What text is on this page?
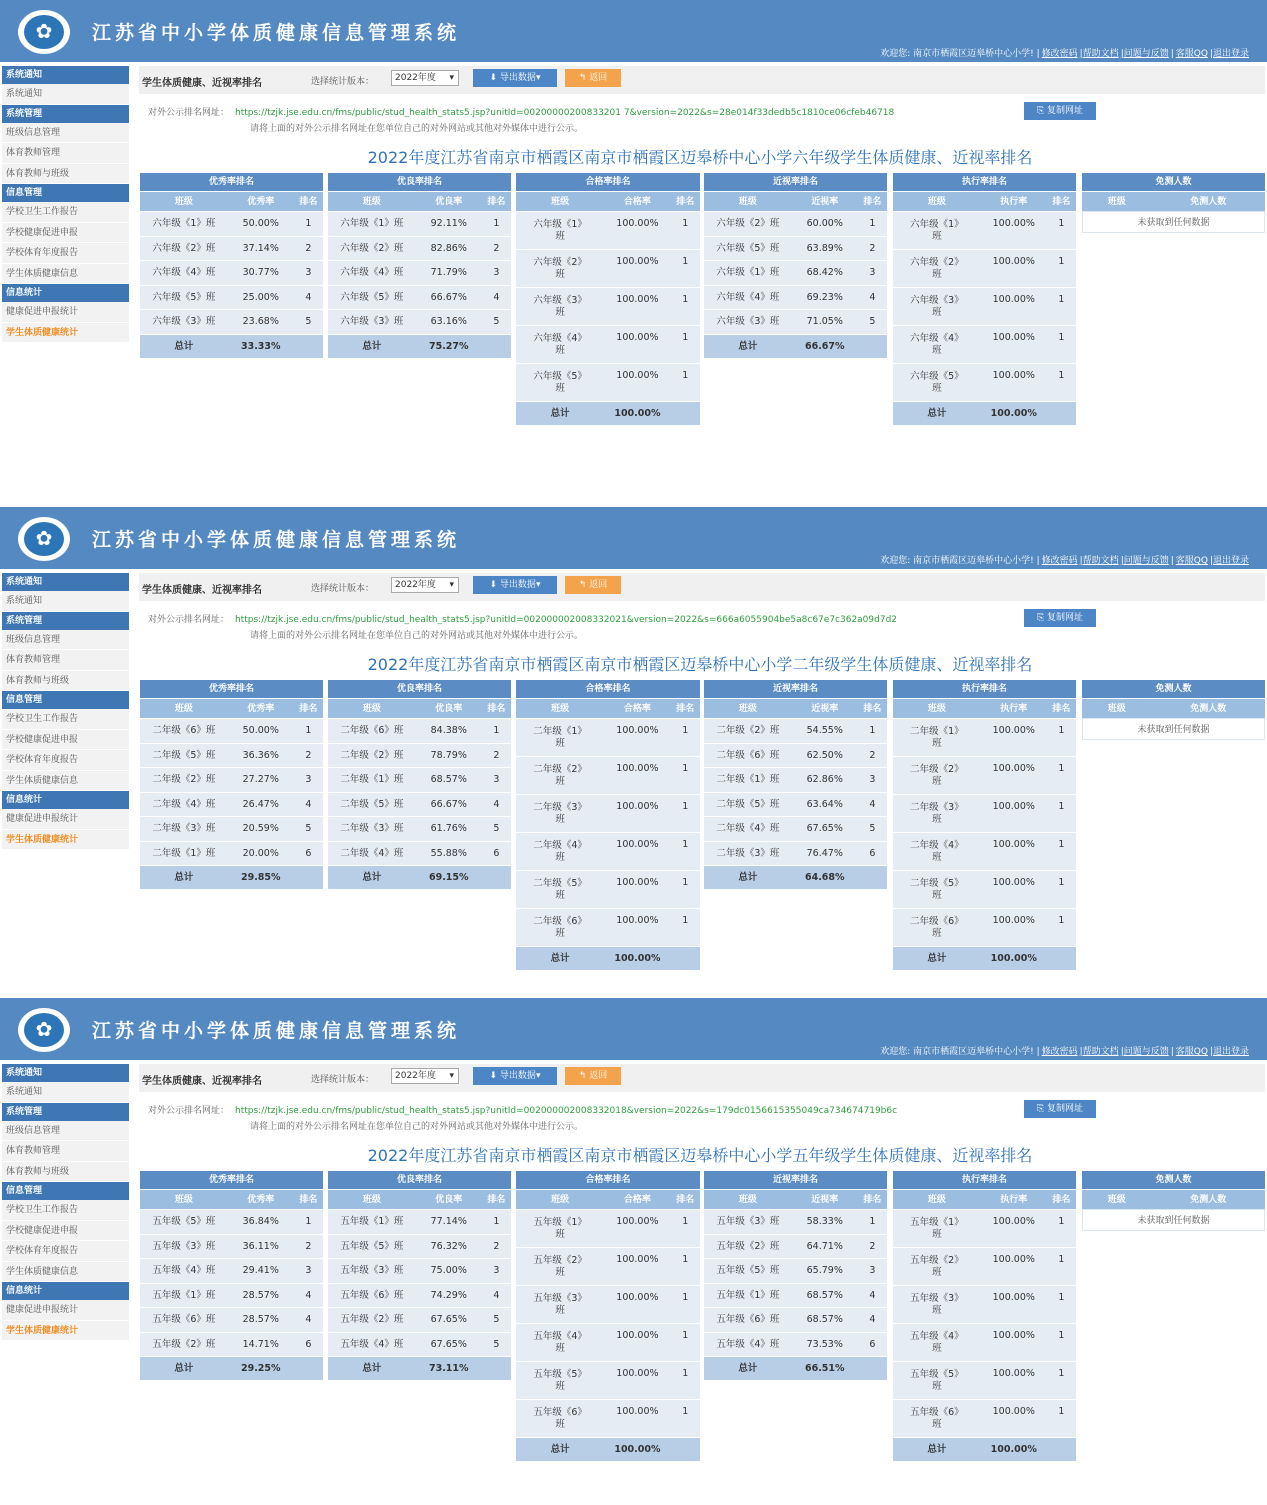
✿
江苏省中小学体质健康信息管理系统
欢迎您: 南京市栖霞区迈皋桥中心小学! | 修改密码 |帮助文档 |问题与反馈 | 客服QQ |退出登录
系统通知
系统通知
系统管理
班级信息管理
体育教师管理
体育教师与班级
信息管理
学校卫生工作报告
学校健康促进申报
学校体育年度报告
学生体质健康信息
信息统计
健康促进申报统计
学生体质健康统计
学生体质健康、近视率排名	选择统计版本：	2022年度 ▾	⬇ 导出数据▾	↰ 返回
对外公示排名网址： https://tzjk.jse.edu.cn/fms/public/stud_health_stats5.jsp?unitId=00200000200833201 7&version=2022&s=28e014f33dedb5c1810ce06cfeb46718	⎘ 复制网址
请将上面的对外公示排名网址在您单位自己的对外网站或其他对外媒体中进行公示。
2022年度江苏省南京市栖霞区南京市栖霞区迈皋桥中心小学六年级学生体质健康、近视率排名
优秀率排名
班级	优秀率	排名
六年级《1》班	50.00%	1
六年级《2》班	37.14%	2
六年级《4》班	30.77%	3
六年级《5》班	25.00%	4
六年级《3》班	23.68%	5
总计	33.33%
优良率排名
班级	优良率	排名
六年级《1》班	92.11%	1
六年级《2》班	82.86%	2
六年级《4》班	71.79%	3
六年级《5》班	66.67%	4
六年级《3》班	63.16%	5
总计	75.27%
合格率排名
班级	合格率	排名
六年级《1》
班
100.00%	1
六年级《2》
班
100.00%	1
六年级《3》
班
100.00%	1
六年级《4》
班
100.00%	1
六年级《5》
班
100.00%	1
总计	100.00%
近视率排名
班级	近视率	排名
六年级《2》班	60.00%	1
六年级《5》班	63.89%	2
六年级《1》班	68.42%	3
六年级《4》班	69.23%	4
六年级《3》班	71.05%	5
总计	66.67%
执行率排名
班级	执行率	排名
六年级《1》
班
100.00%	1
六年级《2》
班
100.00%	1
六年级《3》
班
100.00%	1
六年级《4》
班
100.00%	1
六年级《5》
班
100.00%	1
总计	100.00%
免测人数
班级	免测人数
未获取到任何数据
✿
江苏省中小学体质健康信息管理系统
欢迎您: 南京市栖霞区迈皋桥中心小学! | 修改密码 |帮助文档 |问题与反馈 | 客服QQ |退出登录
系统通知
系统通知
系统管理
班级信息管理
体育教师管理
体育教师与班级
信息管理
学校卫生工作报告
学校健康促进申报
学校体育年度报告
学生体质健康信息
信息统计
健康促进申报统计
学生体质健康统计
学生体质健康、近视率排名	选择统计版本：	2022年度 ▾	⬇ 导出数据▾	↰ 返回
对外公示排名网址： https://tzjk.jse.edu.cn/fms/public/stud_health_stats5.jsp?unitId=002000002008332021&version=2022&s=666a6055904be5a8c67e7c362a09d7d2	⎘ 复制网址
请将上面的对外公示排名网址在您单位自己的对外网站或其他对外媒体中进行公示。
2022年度江苏省南京市栖霞区南京市栖霞区迈皋桥中心小学二年级学生体质健康、近视率排名
优秀率排名
班级	优秀率	排名
二年级《6》班	50.00%	1
二年级《5》班	36.36%	2
二年级《2》班	27.27%	3
二年级《4》班	26.47%	4
二年级《3》班	20.59%	5
二年级《1》班	20.00%	6
总计	29.85%
优良率排名
班级	优良率	排名
二年级《6》班	84.38%	1
二年级《2》班	78.79%	2
二年级《1》班	68.57%	3
二年级《5》班	66.67%	4
二年级《3》班	61.76%	5
二年级《4》班	55.88%	6
总计	69.15%
合格率排名
班级	合格率	排名
二年级《1》
班
100.00%	1
二年级《2》
班
100.00%	1
二年级《3》
班
100.00%	1
二年级《4》
班
100.00%	1
二年级《5》
班
100.00%	1
二年级《6》
班
100.00%	1
总计	100.00%
近视率排名
班级	近视率	排名
二年级《2》班	54.55%	1
二年级《6》班	62.50%	2
二年级《1》班	62.86%	3
二年级《5》班	63.64%	4
二年级《4》班	67.65%	5
二年级《3》班	76.47%	6
总计	64.68%
执行率排名
班级	执行率	排名
二年级《1》
班
100.00%	1
二年级《2》
班
100.00%	1
二年级《3》
班
100.00%	1
二年级《4》
班
100.00%	1
二年级《5》
班
100.00%	1
二年级《6》
班
100.00%	1
总计	100.00%
免测人数
班级	免测人数
未获取到任何数据
✿
江苏省中小学体质健康信息管理系统
欢迎您: 南京市栖霞区迈皋桥中心小学! | 修改密码 |帮助文档 |问题与反馈 | 客服QQ |退出登录
系统通知
系统通知
系统管理
班级信息管理
体育教师管理
体育教师与班级
信息管理
学校卫生工作报告
学校健康促进申报
学校体育年度报告
学生体质健康信息
信息统计
健康促进申报统计
学生体质健康统计
学生体质健康、近视率排名	选择统计版本：	2022年度 ▾	⬇ 导出数据▾	↰ 返回
对外公示排名网址： https://tzjk.jse.edu.cn/fms/public/stud_health_stats5.jsp?unitId=002000002008332018&version=2022&s=179dc0156615355049ca734674719b6c	⎘ 复制网址
请将上面的对外公示排名网址在您单位自己的对外网站或其他对外媒体中进行公示。
2022年度江苏省南京市栖霞区南京市栖霞区迈皋桥中心小学五年级学生体质健康、近视率排名
优秀率排名
班级	优秀率	排名
五年级《5》班	36.84%	1
五年级《3》班	36.11%	2
五年级《4》班	29.41%	3
五年级《1》班	28.57%	4
五年级《6》班	28.57%	4
五年级《2》班	14.71%	6
总计	29.25%
优良率排名
班级	优良率	排名
五年级《1》班	77.14%	1
五年级《5》班	76.32%	2
五年级《3》班	75.00%	3
五年级《6》班	74.29%	4
五年级《2》班	67.65%	5
五年级《4》班	67.65%	5
总计	73.11%
合格率排名
班级	合格率	排名
五年级《1》
班
100.00%	1
五年级《2》
班
100.00%	1
五年级《3》
班
100.00%	1
五年级《4》
班
100.00%	1
五年级《5》
班
100.00%	1
五年级《6》
班
100.00%	1
总计	100.00%
近视率排名
班级	近视率	排名
五年级《3》班	58.33%	1
五年级《2》班	64.71%	2
五年级《5》班	65.79%	3
五年级《1》班	68.57%	4
五年级《6》班	68.57%	4
五年级《4》班	73.53%	6
总计	66.51%
执行率排名
班级	执行率	排名
五年级《1》
班
100.00%	1
五年级《2》
班
100.00%	1
五年级《3》
班
100.00%	1
五年级《4》
班
100.00%	1
五年级《5》
班
100.00%	1
五年级《6》
班
100.00%	1
总计	100.00%
免测人数
班级	免测人数
未获取到任何数据
